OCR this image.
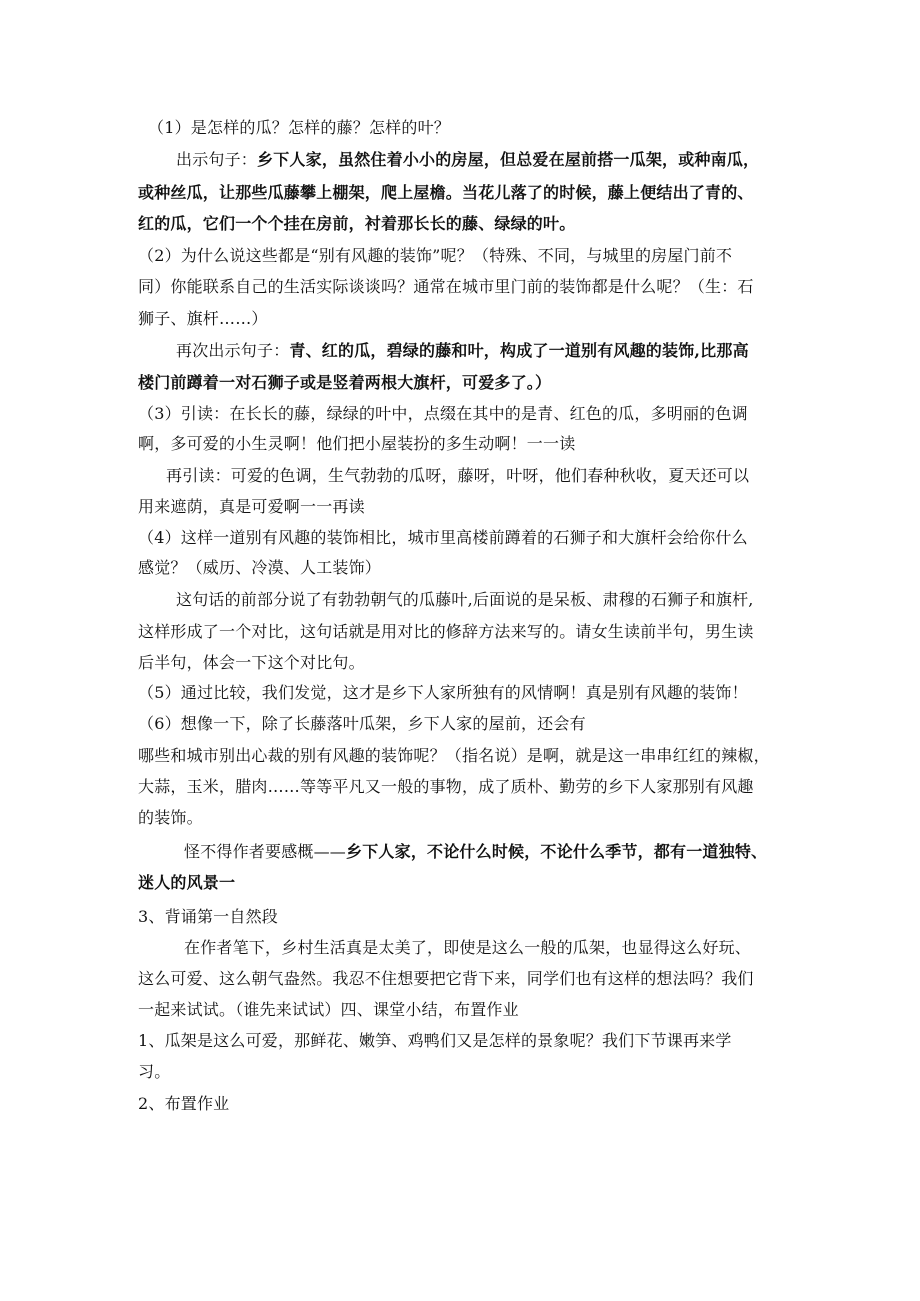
（1）是怎样的瓜？怎样的藤？怎样的叶？
出示句子：乡下人家，虽然住着小小的房屋，但总爱在屋前搭一瓜架，或种南瓜，
或种丝瓜，让那些瓜藤攀上棚架，爬上屋檐。当花儿落了的时候，藤上便结出了青的、
红的瓜，它们一个个挂在房前，衬着那长长的藤、绿绿的叶。
（2）为什么说这些都是“别有风趣的装饰”呢？（特殊、不同，与城里的房屋门前不
同）你能联系自己的生活实际谈谈吗？通常在城市里门前的装饰都是什么呢？（生：石
狮子、旗杆……）
再次出示句子：青、红的瓜，碧绿的藤和叶，构成了一道别有风趣的装饰,比那高
楼门前蹲着一对石狮子或是竖着两根大旗杆，可爱多了。）
（3）引读：在长长的藤，绿绿的叶中，点缀在其中的是青、红色的瓜，多明丽的色调
啊，多可爱的小生灵啊！他们把小屋装扮的多生动啊！一一读
再引读：可爱的色调，生气勃勃的瓜呀，藤呀，叶呀，他们春种秋收，夏天还可以
用来遮荫，真是可爱啊一一再读
（4）这样一道别有风趣的装饰相比，城市里高楼前蹲着的石狮子和大旗杆会给你什么
感觉？（威历、冷漠、人工装饰）
这句话的前部分说了有勃勃朝气的瓜藤叶,后面说的是呆板、肃穆的石狮子和旗杆,
这样形成了一个对比，这句话就是用对比的修辞方法来写的。请女生读前半句，男生读
后半句，体会一下这个对比句。
（5）通过比较，我们发觉，这才是乡下人家所独有的风情啊！真是别有风趣的装饰！
（6）想像一下，除了长藤落叶瓜架，乡下人家的屋前，还会有
哪些和城市别出心裁的别有风趣的装饰呢？（指名说）是啊，就是这一串串红红的辣椒，
大蒜，玉米，腊肉……等等平凡又一般的事物，成了质朴、勤劳的乡下人家那别有风趣
的装饰。
怪不得作者要感概——乡下人家，不论什么时候，不论什么季节，都有一道独特、
迷人的风景一
3、背诵第一自然段
在作者笔下，乡村生活真是太美了，即使是这么一般的瓜架，也显得这么好玩、
这么可爱、这么朝气盎然。我忍不住想要把它背下来，同学们也有这样的想法吗？我们
一起来试试。（谁先来试试）四、课堂小结，布置作业
1、瓜架是这么可爱，那鲜花、嫩笋、鸡鸭们又是怎样的景象呢？我们下节课再来学
习。
2、布置作业
